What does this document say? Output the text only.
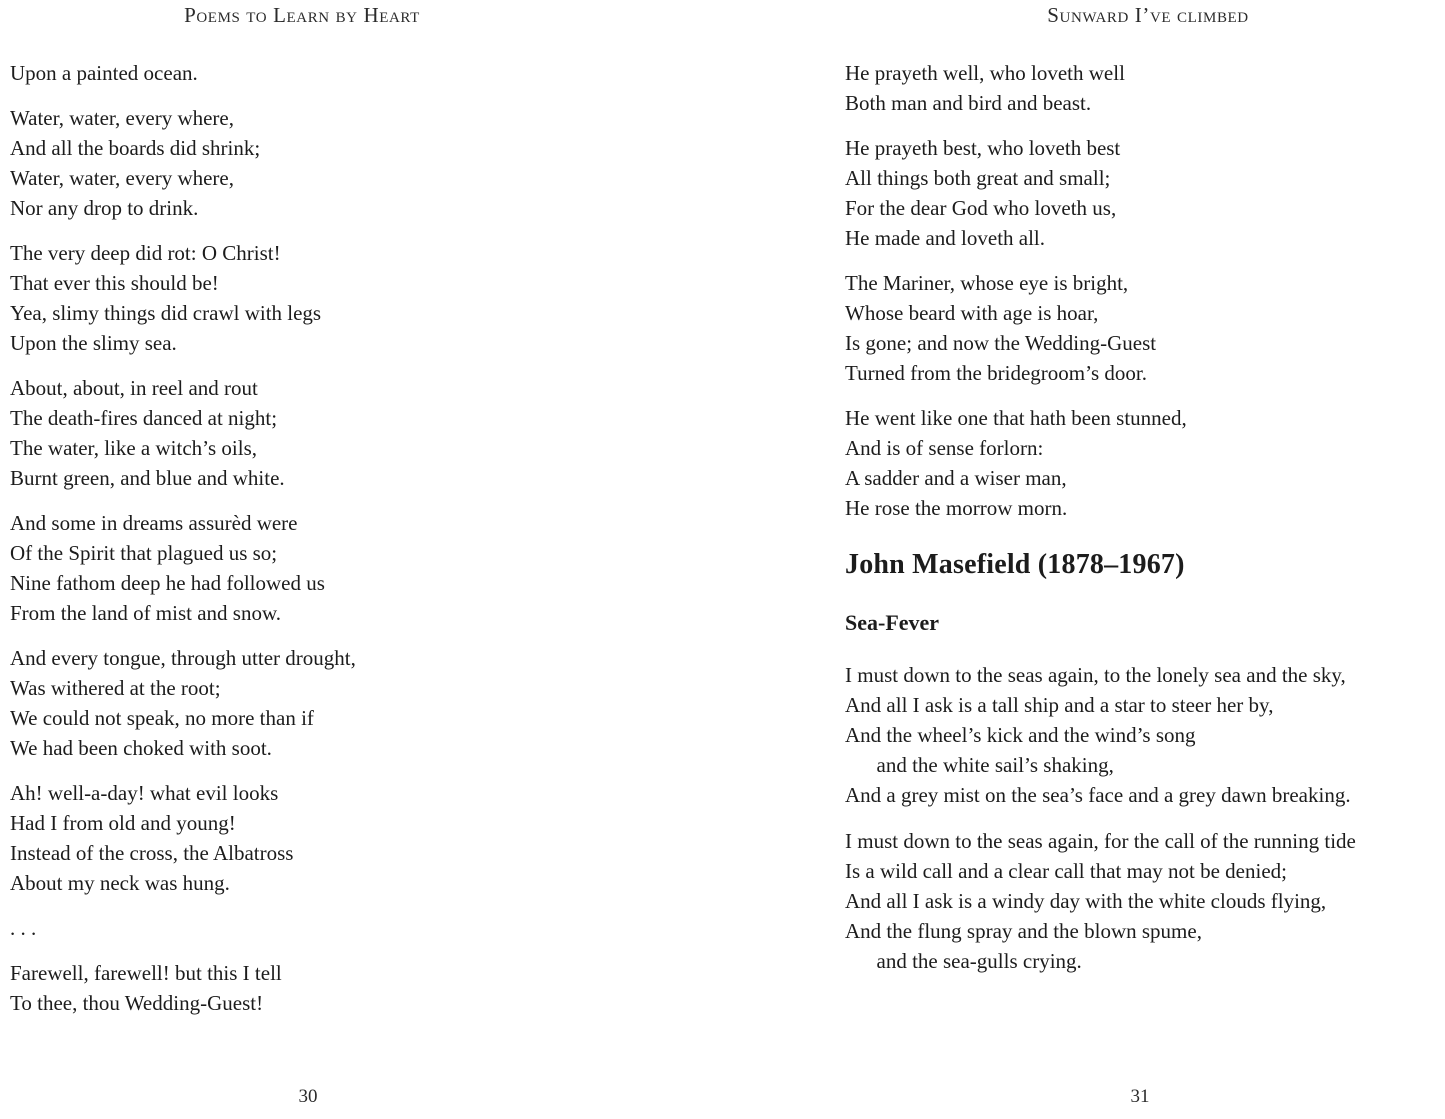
Poems to Learn by Heart	Sunward I’ve climbed
Upon a painted ocean.
Water, water, every where,
And all the boards did shrink;
Water, water, every where,
Nor any drop to drink.
The very deep did rot: O Christ!
That ever this should be!
Yea, slimy things did crawl with legs
Upon the slimy sea.
About, about, in reel and rout
The death-fires danced at night;
The water, like a witch’s oils,
Burnt green, and blue and white.
And some in dreams assurèd were
Of the Spirit that plagued us so;
Nine fathom deep he had followed us
From the land of mist and snow.
And every tongue, through utter drought,
Was withered at the root;
We could not speak, no more than if
We had been choked with soot.
Ah! well-a-day! what evil looks
Had I from old and young!
Instead of the cross, the Albatross
About my neck was hung.
. . .
Farewell, farewell! but this I tell
To thee, thou Wedding-Guest!
He prayeth well, who loveth well
Both man and bird and beast.
He prayeth best, who loveth best
All things both great and small;
For the dear God who loveth us,
He made and loveth all.
The Mariner, whose eye is bright,
Whose beard with age is hoar,
Is gone; and now the Wedding-Guest
Turned from the bridegroom’s door.
He went like one that hath been stunned,
And is of sense forlorn:
A sadder and a wiser man,
He rose the morrow morn.
John Masefield (1878–1967)
Sea-Fever
I must down to the seas again, to the lonely sea and the sky,
And all I ask is a tall ship and a star to steer her by,
And the wheel’s kick and the wind’s song
and the white sail’s shaking,
And a grey mist on the sea’s face and a grey dawn breaking.
I must down to the seas again, for the call of the running tide
Is a wild call and a clear call that may not be denied;
And all I ask is a windy day with the white clouds flying,
And the flung spray and the blown spume,
and the sea-gulls crying.
30	31
